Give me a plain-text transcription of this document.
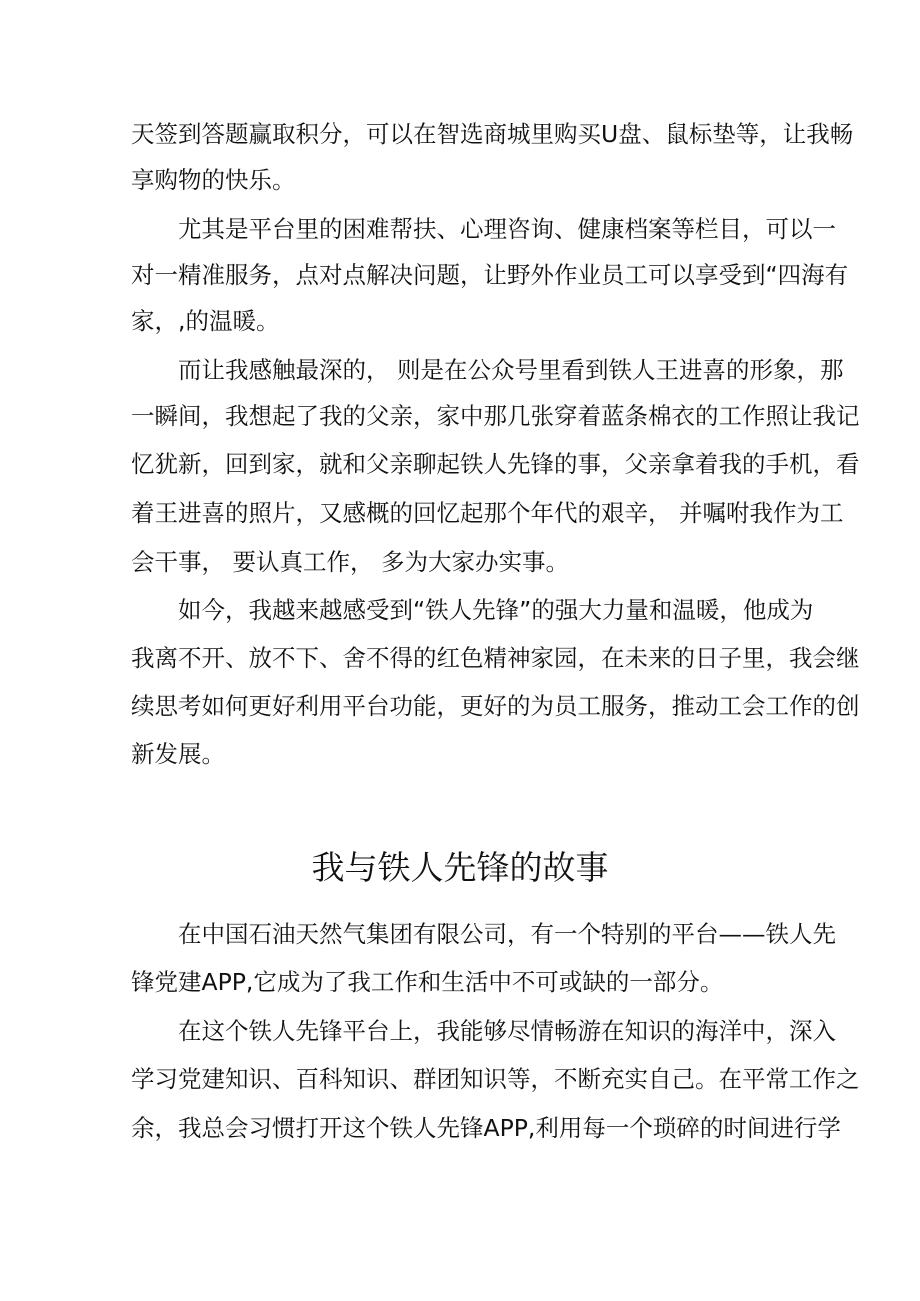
天签到答题赢取积分，可以在智选商城里购买U盘、鼠标垫等，让我畅
享购物的快乐。
尤其是平台里的困难帮扶、心理咨询、健康档案等栏目，可以一
对一精准服务，点对点解决问题，让野外作业员工可以享受到“四海有
家，,的温暖。
而让我感触最深的， 则是在公众号里看到铁人王进喜的形象，那
一瞬间，我想起了我的父亲，家中那几张穿着蓝条棉衣的工作照让我记
忆犹新，回到家，就和父亲聊起铁人先锋的事，父亲拿着我的手机，看
着王进喜的照片，又感概的回忆起那个年代的艰辛， 并嘱咐我作为工
会干事， 要认真工作， 多为大家办实事。
如今，我越来越感受到“铁人先锋”的强大力量和温暖，他成为
我离不开、放不下、舍不得的红色精神家园，在未来的日子里，我会继
续思考如何更好利用平台功能，更好的为员工服务，推动工会工作的创
新发展。
我与铁人先锋的故事
在中国石油天然气集团有限公司，有一个特别的平台——铁人先
锋党建APP,它成为了我工作和生活中不可或缺的一部分。
在这个铁人先锋平台上，我能够尽情畅游在知识的海洋中，深入
学习党建知识、百科知识、群团知识等，不断充实自己。在平常工作之
余，我总会习惯打开这个铁人先锋APP,利用每一个琐碎的时间进行学
